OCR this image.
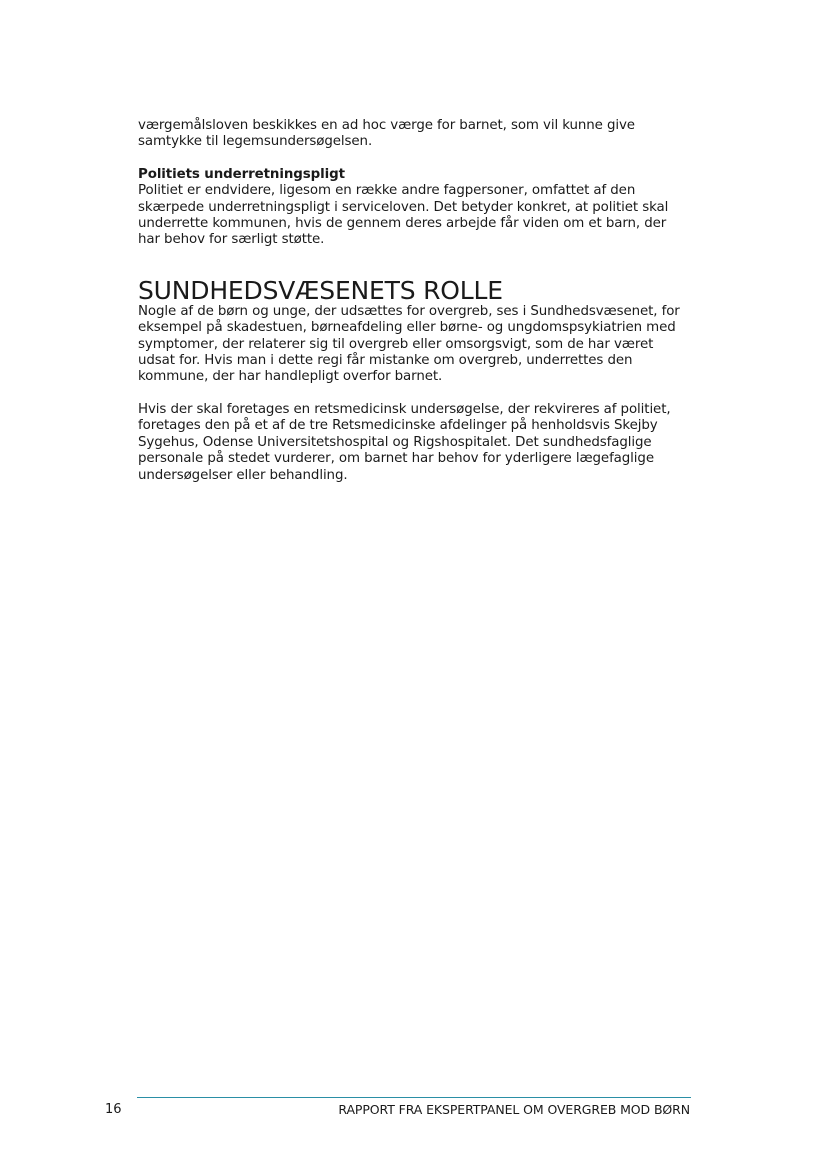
værgemålsloven beskikkes en ad hoc værge for barnet, som vil kunne give
samtykke til legemsundersøgelsen.

Politiets underretningspligt

Politiet er endvidere, ligesom en række andre fagpersoner, omfattet af den
skærpede underretningspligt i serviceloven. Det betyder konkret, at politiet skal
underrette kommunen, hvis de gennem deres arbejde får viden om et barn, der
har behov for særligt støtte.

SUNDHEDSVÆSENETS ROLLE

Nogle af de børn og unge, der udsættes for overgreb, ses i Sundhedsvæsenet, for
eksempel på skadestuen, børneafdeling eller børne- og ungdomspsykiatrien med
symptomer, der relaterer sig til overgreb eller omsorgsvigt, som de har været
udsat for. Hvis man i dette regi får mistanke om overgreb, underrettes den
kommune, der har handlepligt overfor barnet.

Hvis der skal foretages en retsmedicinsk undersøgelse, der rekvireres af politiet,
foretages den på et af de tre Retsmedicinske afdelinger på henholdsvis Skejby
Sygehus, Odense Universitetshospital og Rigshospitalet. Det sundhedsfaglige
personale på stedet vurderer, om barnet har behov for yderligere lægefaglige
undersøgelser eller behandling.

16	RAPPORT FRA EKSPERTPANEL OM OVERGREB MOD BØRN
